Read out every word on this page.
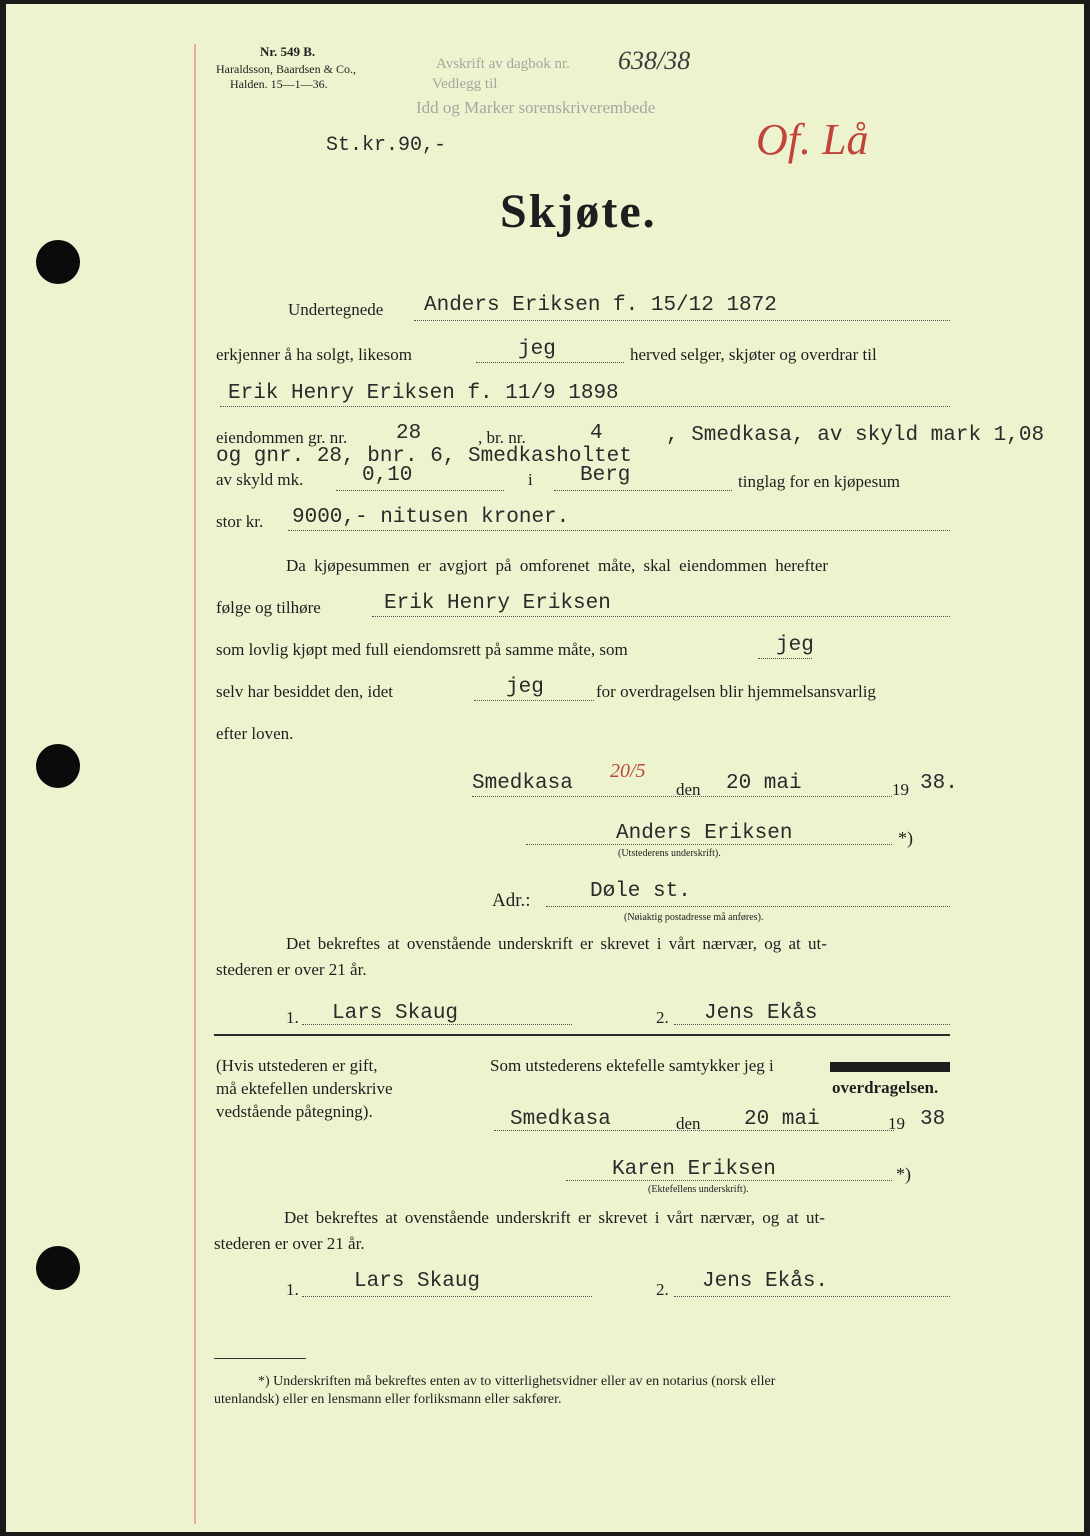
Nr. 549 B.
Haraldsson, Baardsen & Co.,
Halden. 15—1—36.
Avskrift av dagbok nr.
Vedlegg til
Idd og Marker sorenskriverembede
638/38
St.kr.90,-	Of. Lå
Skjøte.
Undertegnede Anders Eriksen f. 15/12 1872
erkjenner å ha solgt, likesom	jeg	herved selger, skjøter og overdrar til
Erik Henry Eriksen f. 11/9 1898
eiendommen gr. nr. 28	, br. nr.	4	, Smedkasa, av skyld mark 1,08
og gnr. 28, bnr. 6, Smedkasholtet
av skyld mk.	0,10	i Berg	tinglag for en kjøpesum
stor kr. 9000,- nitusen kroner.
Da kjøpesummen er avgjort på omforenet måte, skal eiendommen herefter
følge og tilhøre	Erik Henry Eriksen
som lovlig kjøpt med full eiendomsrett på samme måte, som	jeg
selv har besiddet den, idet	jeg	for overdragelsen blir hjemmelsansvarlig
efter loven.
Smedkasa
20/5
den 20 mai	19 38.
Anders Eriksen	*)
(Utstederens underskrift).
Adr.:	Døle st.
(Nøiaktig postadresse må anføres).
Det bekreftes at ovenstående underskrift er skrevet i vårt nærvær, og at ut-
stederen er over 21 år.
1. Lars Skaug	2. Jens Ekås
(Hvis utstederen er gift,
må ektefellen underskrive
vedstående påtegning).
Som utstederens ektefelle samtykker jeg i
overdragelsen.
Smedkasa	den 20 mai	19 38
Karen Eriksen	*)
(Ektefellens underskrift).
Det bekreftes at ovenstående underskrift er skrevet i vårt nærvær, og at ut-
stederen er over 21 år.
1.	Lars Skaug	2. Jens Ekås.
*) Underskriften må bekreftes enten av to vitterlighetsvidner eller av en notarius (norsk eller
utenlandsk) eller en lensmann eller forliksmann eller sakfører.
